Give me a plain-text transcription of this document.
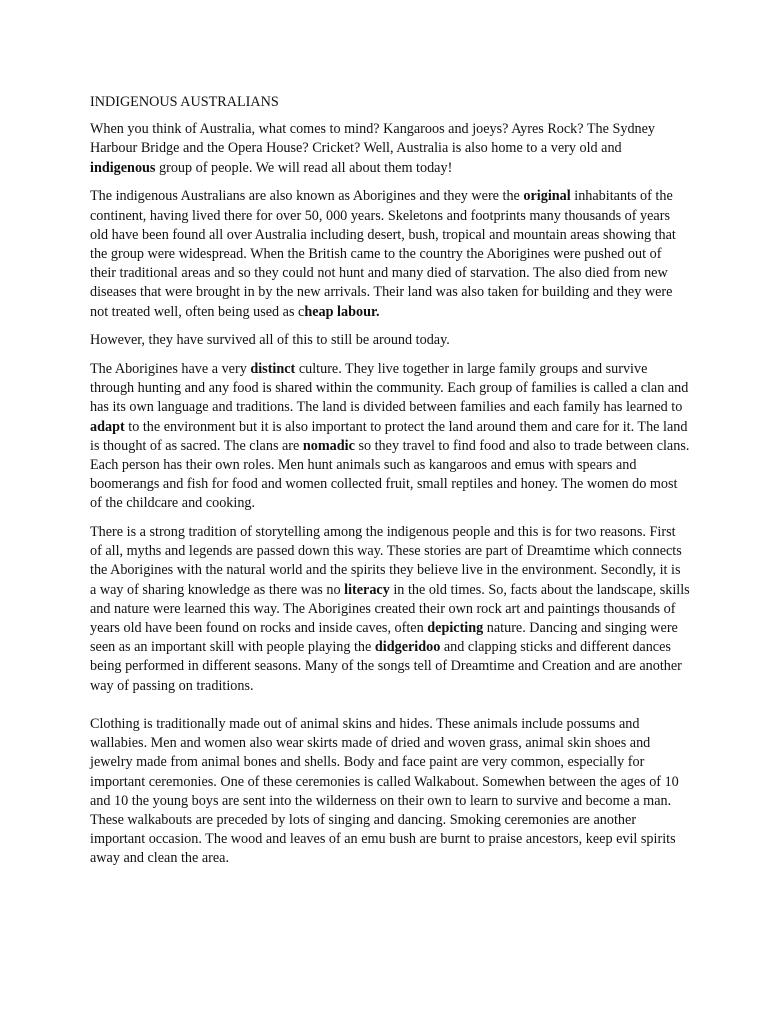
INDIGENOUS AUSTRALIANS

When you think of Australia, what comes to mind? Kangaroos and joeys? Ayres Rock? The Sydney Harbour Bridge and the Opera House? Cricket? Well, Australia is also home to a very old and indigenous group of people. We will read all about them today!

The indigenous Australians are also known as Aborigines and they were the original inhabitants of the continent, having lived there for over 50, 000 years. Skeletons and footprints many thousands of years old have been found all over Australia including desert, bush, tropical and mountain areas showing that the group were widespread. When the British came to the country the Aborigines were pushed out of their traditional areas and so they could not hunt and many died of starvation. The also died from new diseases that were brought in by the new arrivals. Their land was also taken for building and they were not treated well, often being used as cheap labour.

However, they have survived all of this to still be around today.

The Aborigines have a very distinct culture. They live together in large family groups and survive through hunting and any food is shared within the community. Each group of families is called a clan and has its own language and traditions. The land is divided between families and each family has learned to adapt to the environment but it is also important to protect the land around them and care for it. The land is thought of as sacred. The clans are nomadic so they travel to find food and also to trade between clans. Each person has their own roles. Men hunt animals such as kangaroos and emus with spears and boomerangs and fish for food and women collected fruit, small reptiles and honey. The women do most of the childcare and cooking.

There is a strong tradition of storytelling among the indigenous people and this is for two reasons. First of all, myths and legends are passed down this way. These stories are part of Dreamtime which connects the Aborigines with the natural world and the spirits they believe live in the environment. Secondly, it is a way of sharing knowledge as there was no literacy in the old times. So, facts about the landscape, skills and nature were learned this way. The Aborigines created their own rock art and paintings thousands of years old have been found on rocks and inside caves, often depicting nature. Dancing and singing were seen as an important skill with people playing the didgeridoo and clapping sticks and different dances being performed in different seasons. Many of the songs tell of Dreamtime and Creation and are another way of passing on traditions.

Clothing is traditionally made out of animal skins and hides. These animals include possums and wallabies. Men and women also wear skirts made of dried and woven grass, animal skin shoes and jewelry made from animal bones and shells. Body and face paint are very common, especially for important ceremonies. One of these ceremonies is called Walkabout. Somewhen between the ages of 10 and 10 the young boys are sent into the wilderness on their own to learn to survive and become a man. These walkabouts are preceded by lots of singing and dancing. Smoking ceremonies are another important occasion. The wood and leaves of an emu bush are burnt to praise ancestors, keep evil spirits away and clean the area.
